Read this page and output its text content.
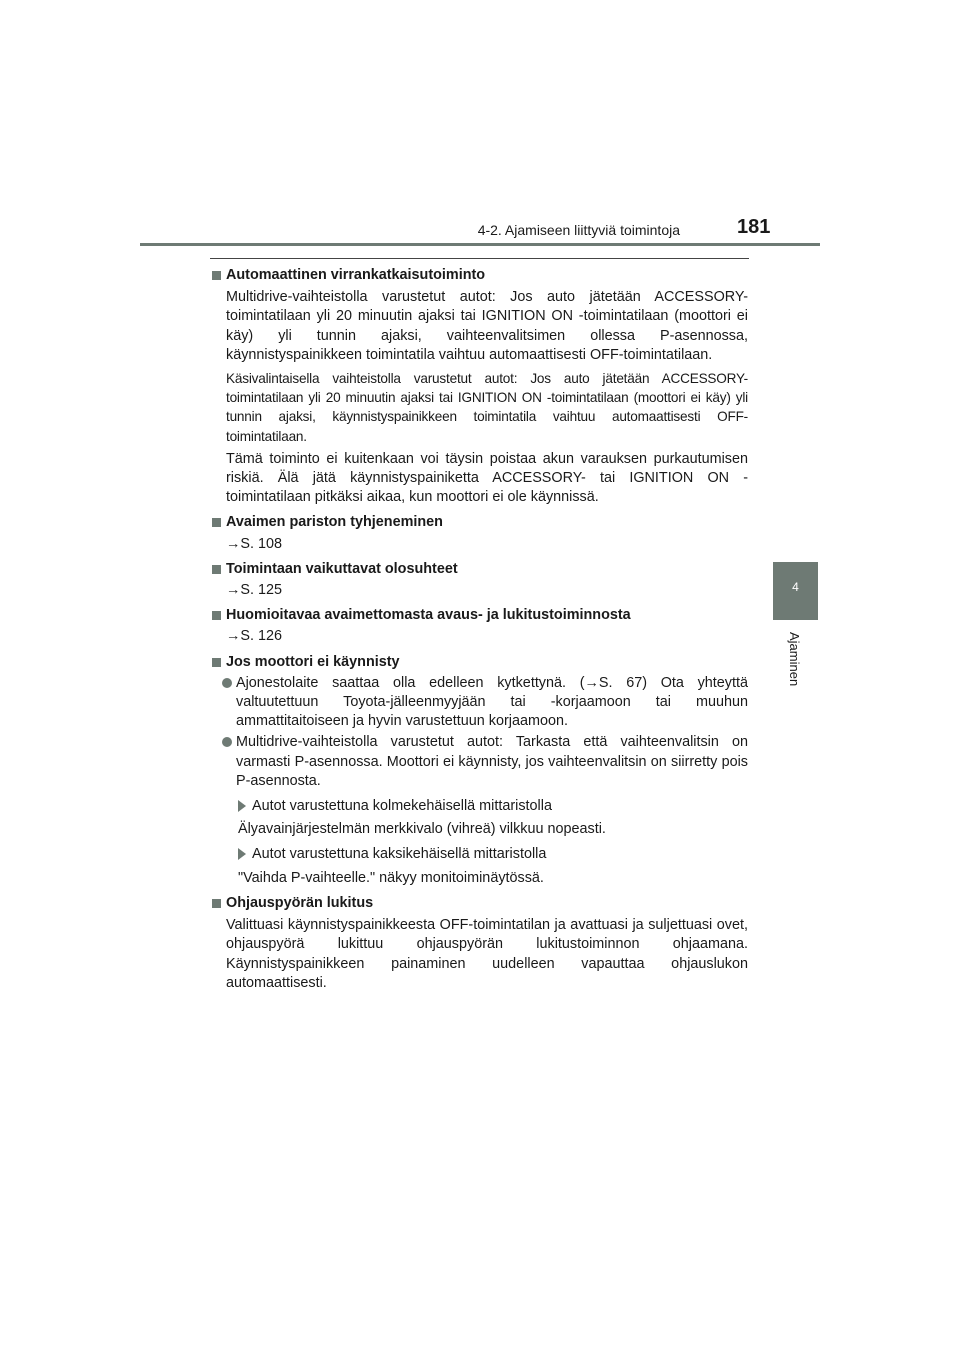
4-2. Ajamiseen liittyviä toimintoja	181
4
Ajaminen
Automaattinen virrankatkaisutoiminto

Multidrive-vaihteistolla varustetut autot: Jos auto jätetään ACCESSORY-toimintatilaan yli 20 minuutin ajaksi tai IGNITION ON -toimintatilaan (moottori ei käy) yli tunnin ajaksi, vaihteenvalitsimen ollessa P-asennossa, käynnistyspainikkeen toimintatila vaihtuu automaattisesti OFF-toimintatilaan.

Käsivalintaisella vaihteistolla varustetut autot: Jos auto jätetään ACCESSORY-toimintatilaan yli 20 minuutin ajaksi tai IGNITION ON -toimintatilaan (moottori ei käy) yli tunnin ajaksi, käynnistyspainikkeen toimintatila vaihtuu automaattisesti OFF-toimintatilaan.

Tämä toiminto ei kuitenkaan voi täysin poistaa akun varauksen purkautumisen riskiä. Älä jätä käynnistyspainiketta ACCESSORY- tai IGNITION ON -toimintatilaan pitkäksi aikaa, kun moottori ei ole käynnissä.

Avaimen pariston tyhjeneminen
→S. 108
Toimintaan vaikuttavat olosuhteet
→S. 125
Huomioitavaa avaimettomasta avaus- ja lukitustoiminnosta
→S. 126
Jos moottori ei käynnisty
Ajonestolaite saattaa olla edelleen kytkettynä. (→S. 67) Ota yhteyttä valtuutettuun Toyota-jälleenmyyjään tai -korjaamoon tai muuhun ammattitaitoiseen ja hyvin varustettuun korjaamoon.
Multidrive-vaihteistolla varustetut autot: Tarkasta että vaihteenvalitsin on varmasti P-asennossa. Moottori ei käynnisty, jos vaihteenvalitsin on siirretty pois P-asennosta.
Autot varustettuna kolmekehäisellä mittaristolla
Älyavainjärjestelmän merkkivalo (vihreä) vilkkuu nopeasti.
Autot varustettuna kaksikehäisellä mittaristolla
"Vaihda P-vaihteelle." näkyy monitoiminäytössä.
Ohjauspyörän lukitus

Valittuasi käynnistyspainikkeesta OFF-toimintatilan ja avattuasi ja suljettuasi ovet, ohjauspyörä lukittuu ohjauspyörän lukitustoiminnon ohjaamana. Käynnistyspainikkeen painaminen uudelleen vapauttaa ohjauslukon automaattisesti.
